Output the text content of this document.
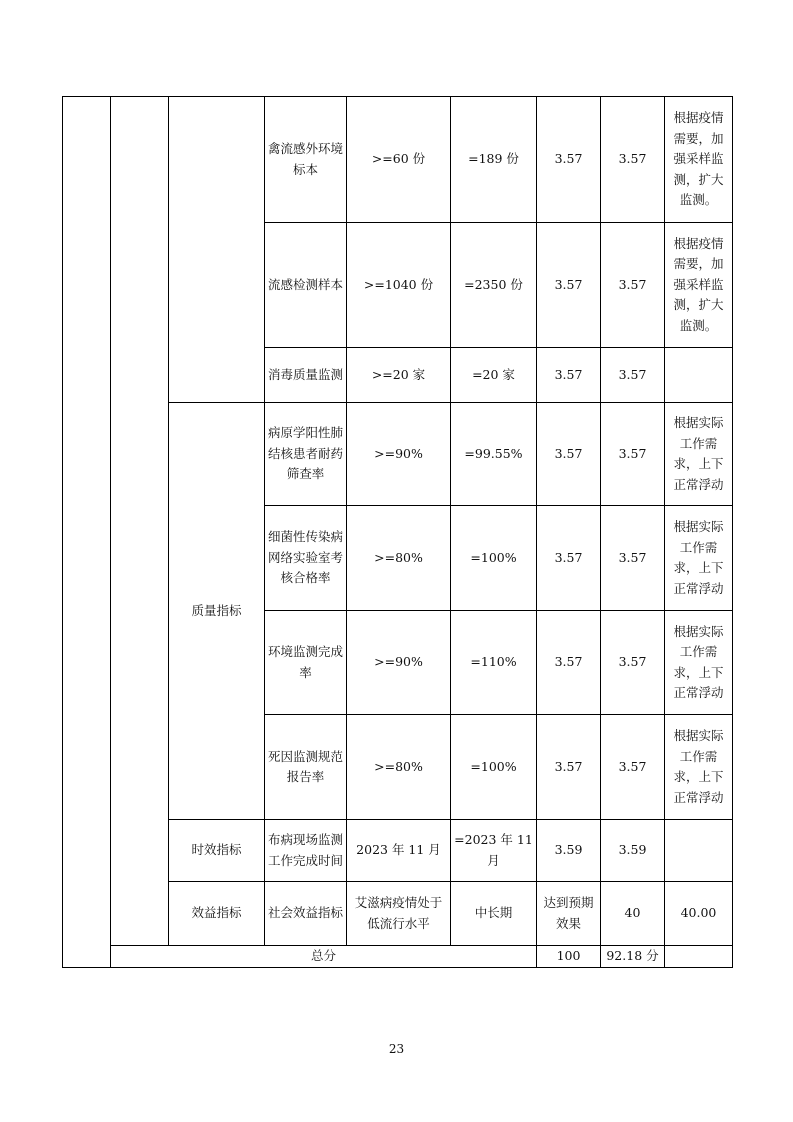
			禽流感外环境标本	>=60 份	=189 份	3.57	3.57	根据疫情需要，加强采样监测，扩大监测。	
			流感检测样本	>=1040 份	=2350 份	3.57	3.57	根据疫情需要，加强采样监测，扩大监测。	
			消毒质量监测	>=20 家	=20 家	3.57	3.57		
		质量指标	病原学阳性肺结核患者耐药筛查率	>=90%	=99.55%	3.57	3.57	根据实际工作需求，上下正常浮动	
			细菌性传染病网络实验室考核合格率	>=80%	=100%	3.57	3.57	根据实际工作需求，上下正常浮动	
			环境监测完成率	>=90%	=110%	3.57	3.57	根据实际工作需求，上下正常浮动	
			死因监测规范报告率	>=80%	=100%	3.57	3.57	根据实际工作需求，上下正常浮动	
		时效指标	布病现场监测工作完成时间	2023 年 11 月	=2023 年 11 月	3.59	3.59		
		效益指标	社会效益指标	艾滋病疫情处于低流行水平	中长期	达到预期效果	40	40.00	
	总分					100	92.18 分		
23
